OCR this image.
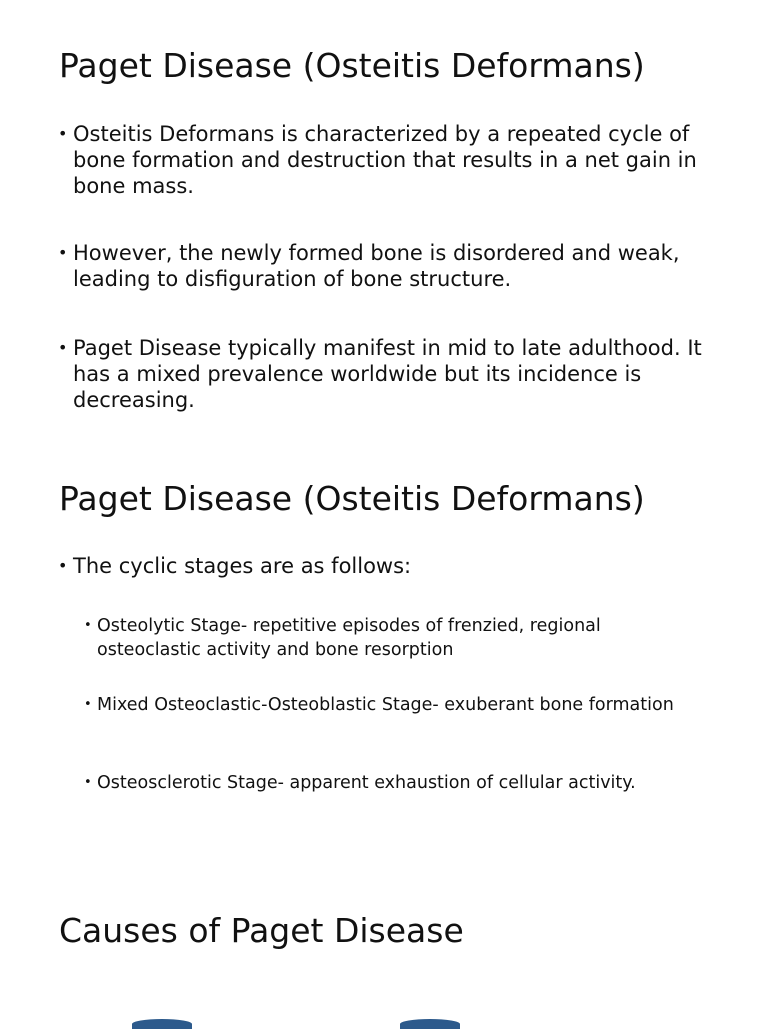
Paget Disease (Osteitis Deformans)

• Osteitis Deformans is characterized by a repeated cycle of bone formation and destruction that results in a net gain in bone mass.

• However, the newly formed bone is disordered and weak, leading to disfiguration of bone structure.

• Paget Disease typically manifest in mid to late adulthood. It has a mixed prevalence worldwide but its incidence is decreasing.

Paget Disease (Osteitis Deformans)

• The cyclic stages are as follows:

• Osteolytic Stage- repetitive episodes of frenzied, regional osteoclastic activity and bone resorption

• Mixed Osteoclastic-Osteoblastic Stage- exuberant bone formation

• Osteosclerotic Stage- apparent exhaustion of cellular activity.

Causes of Paget Disease
